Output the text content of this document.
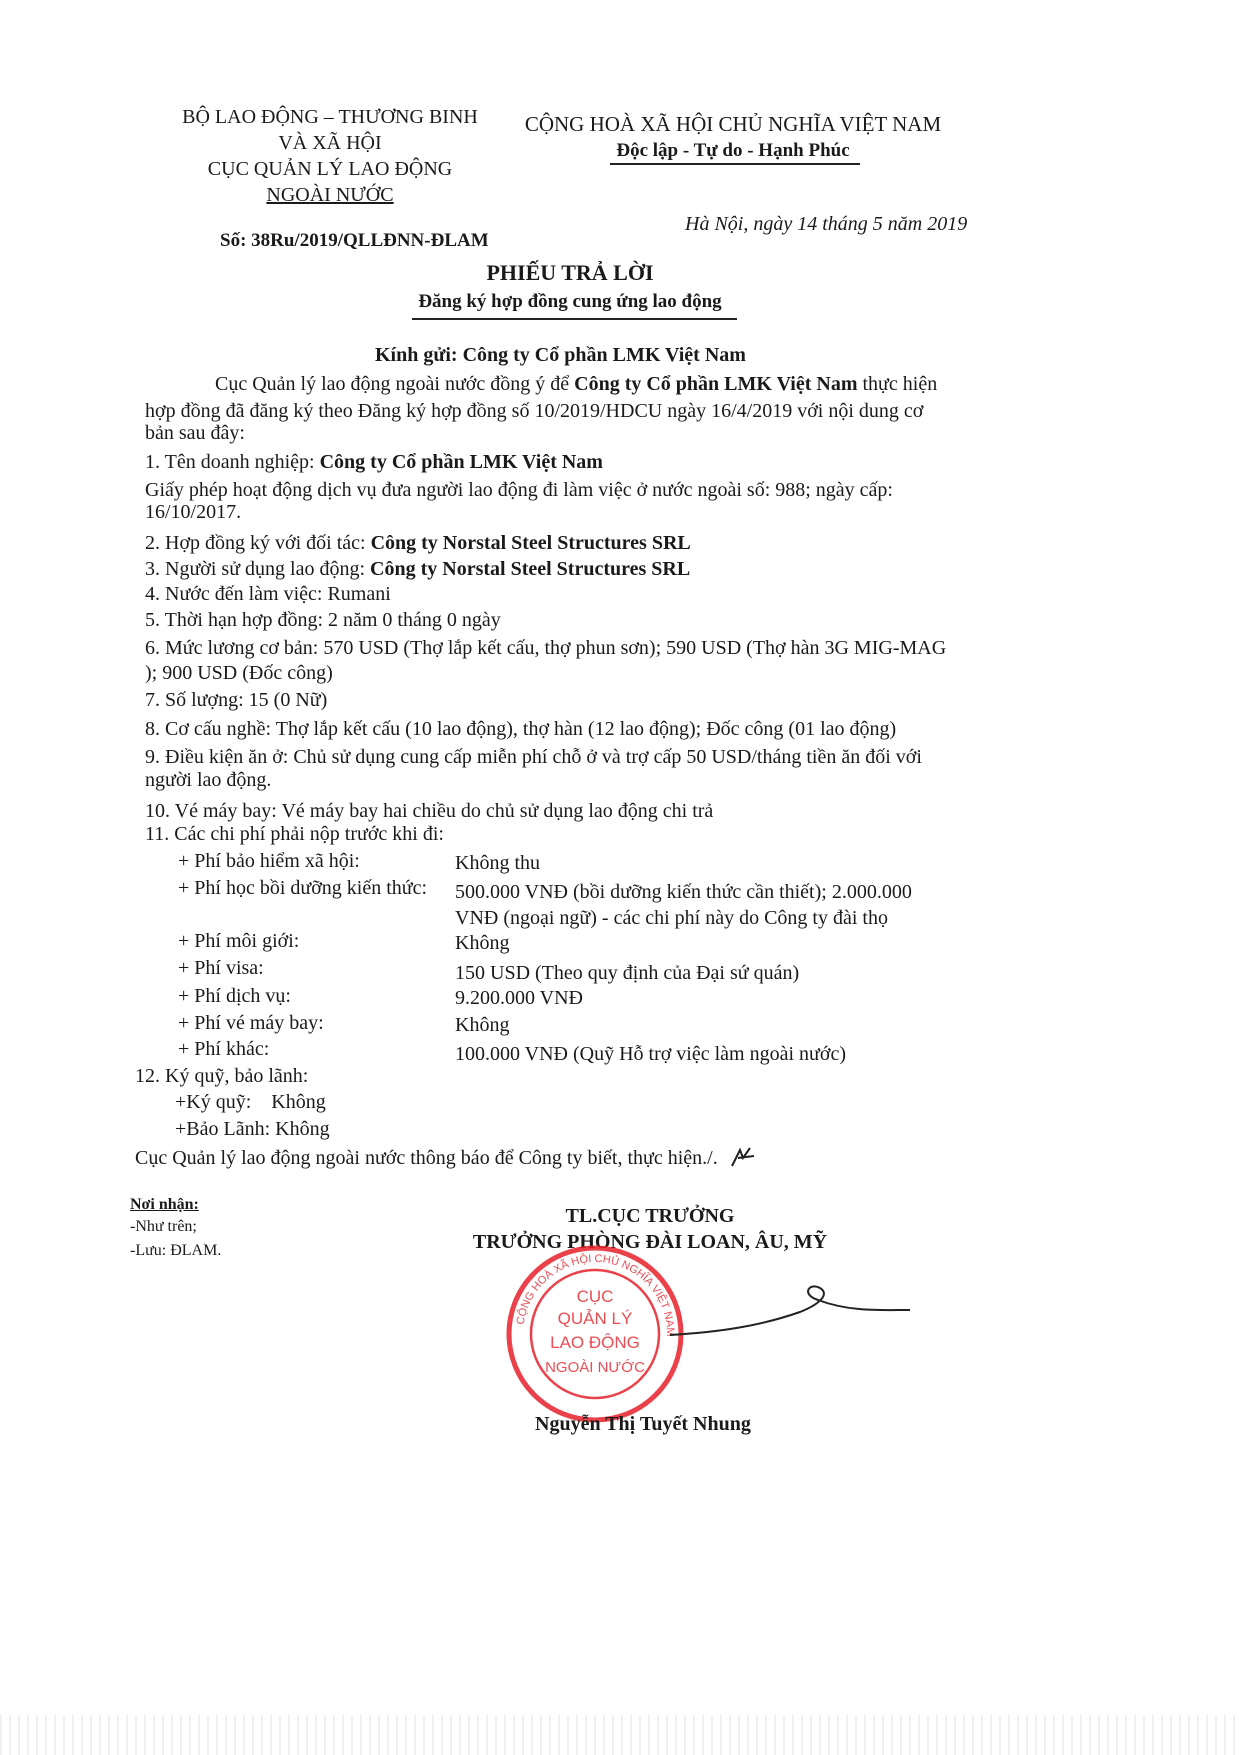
BỘ LAO ĐỘNG – THƯƠNG BINH
VÀ XÃ HỘI
CỤC QUẢN LÝ LAO ĐỘNG
NGOÀI NƯỚC
Số: 38Ru/2019/QLLĐNN-ĐLAM
CỘNG HOÀ XÃ HỘI CHỦ NGHĨA VIỆT NAM
Độc lập - Tự do - Hạnh Phúc
Hà Nội, ngày 14 tháng 5 năm 2019
PHIẾU TRẢ LỜI
Đăng ký hợp đồng cung ứng lao động
Kính gửi: Công ty Cổ phần LMK Việt Nam
Cục Quản lý lao động ngoài nước đồng ý để Công ty Cổ phần LMK Việt Nam thực hiện
hợp đồng đã đăng ký theo Đăng ký hợp đồng số 10/2019/HDCU ngày 16/4/2019 với nội dung cơ
bản sau đây:
1. Tên doanh nghiệp: Công ty Cổ phần LMK Việt Nam
Giấy phép hoạt động dịch vụ đưa người lao động đi làm việc ở nước ngoài số: 988; ngày cấp:
16/10/2017.
2. Hợp đồng ký với đối tác: Công ty Norstal Steel Structures SRL
3. Người sử dụng lao động: Công ty Norstal Steel Structures SRL
4. Nước đến làm việc: Rumani
5. Thời hạn hợp đồng: 2 năm 0 tháng 0 ngày
6. Mức lương cơ bản: 570 USD (Thợ lắp kết cấu, thợ phun sơn); 590 USD (Thợ hàn 3G MIG-MAG
); 900 USD (Đốc công)
7. Số lượng: 15 (0 Nữ)
8. Cơ cấu nghề: Thợ lắp kết cấu (10 lao động), thợ hàn (12 lao động); Đốc công (01 lao động)
9. Điều kiện ăn ở: Chủ sử dụng cung cấp miễn phí chỗ ở và trợ cấp 50 USD/tháng tiền ăn đối với
người lao động.
10. Vé máy bay: Vé máy bay hai chiều do chủ sử dụng lao động chi trả
11. Các chi phí phải nộp trước khi đi:
+ Phí bảo hiểm xã hội:	Không thu
+ Phí học bồi dưỡng kiến thức: 500.000 VNĐ (bồi dưỡng kiến thức cần thiết); 2.000.000
VNĐ (ngoại ngữ) - các chi phí này do Công ty đài thọ
+ Phí môi giới:	Không
+ Phí visa:	150 USD (Theo quy định của Đại sứ quán)
+ Phí dịch vụ:	9.200.000 VNĐ
+ Phí vé máy bay:	Không
+ Phí khác:	100.000 VNĐ (Quỹ Hỗ trợ việc làm ngoài nước)
12. Ký quỹ, bảo lãnh:
+Ký quỹ:    Không
+Bảo Lãnh: Không
Cục Quản lý lao động ngoài nước thông báo để Công ty biết, thực hiện./.
Nơi nhận:
-Như trên;
-Lưu: ĐLAM.
TL.CỤC TRƯỞNG
TRƯỞNG PHÒNG ĐÀI LOAN, ÂU, MỸ
CỘNG HOÀ XÃ HỘI CHỦ NGHĨA VIỆT NAM
CỤC
QUẢN LÝ
LAO ĐỘNG
NGOÀI NƯỚC
Nguyễn Thị Tuyết Nhung
